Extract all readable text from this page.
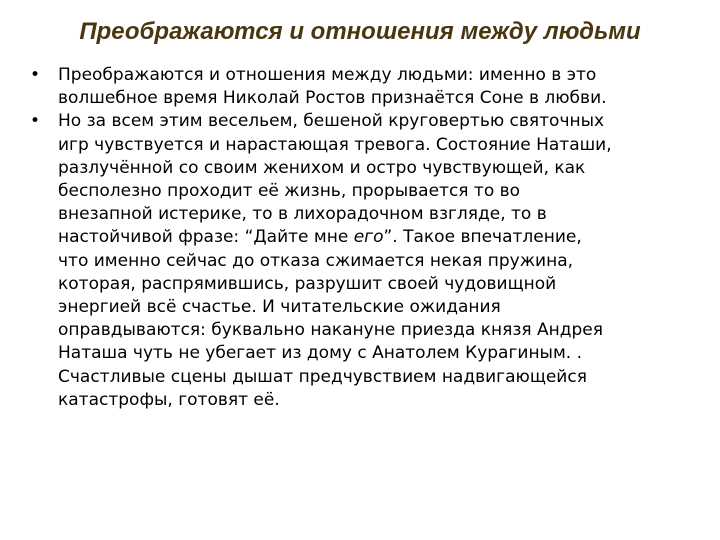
Преображаются и отношения между людьми
• Преображаются и отношения между людьми: именно в это
волшебное время Николай Ростов признаётся Соне в любви.
• Но за всем этим весельем, бешеной круговертью святочных
игр чувствуется и нарастающая тревога. Состояние Наташи,
разлучённой со своим женихом и остро чувствующей, как
бесполезно проходит её жизнь, прорывается то во
внезапной истерике, то в лихорадочном взгляде, то в
настойчивой фразе: “Дайте мне его”. Такое впечатление,
что именно сейчас до отказа сжимается некая пружина,
которая, распрямившись, разрушит своей чудовищной
энергией всё счастье. И читательские ожидания
оправдываются: буквально накануне приезда князя Андрея
Наташа чуть не убегает из дому с Анатолем Курагиным. .
Счастливые сцены дышат предчувствием надвигающейся
катастрофы, готовят её.
